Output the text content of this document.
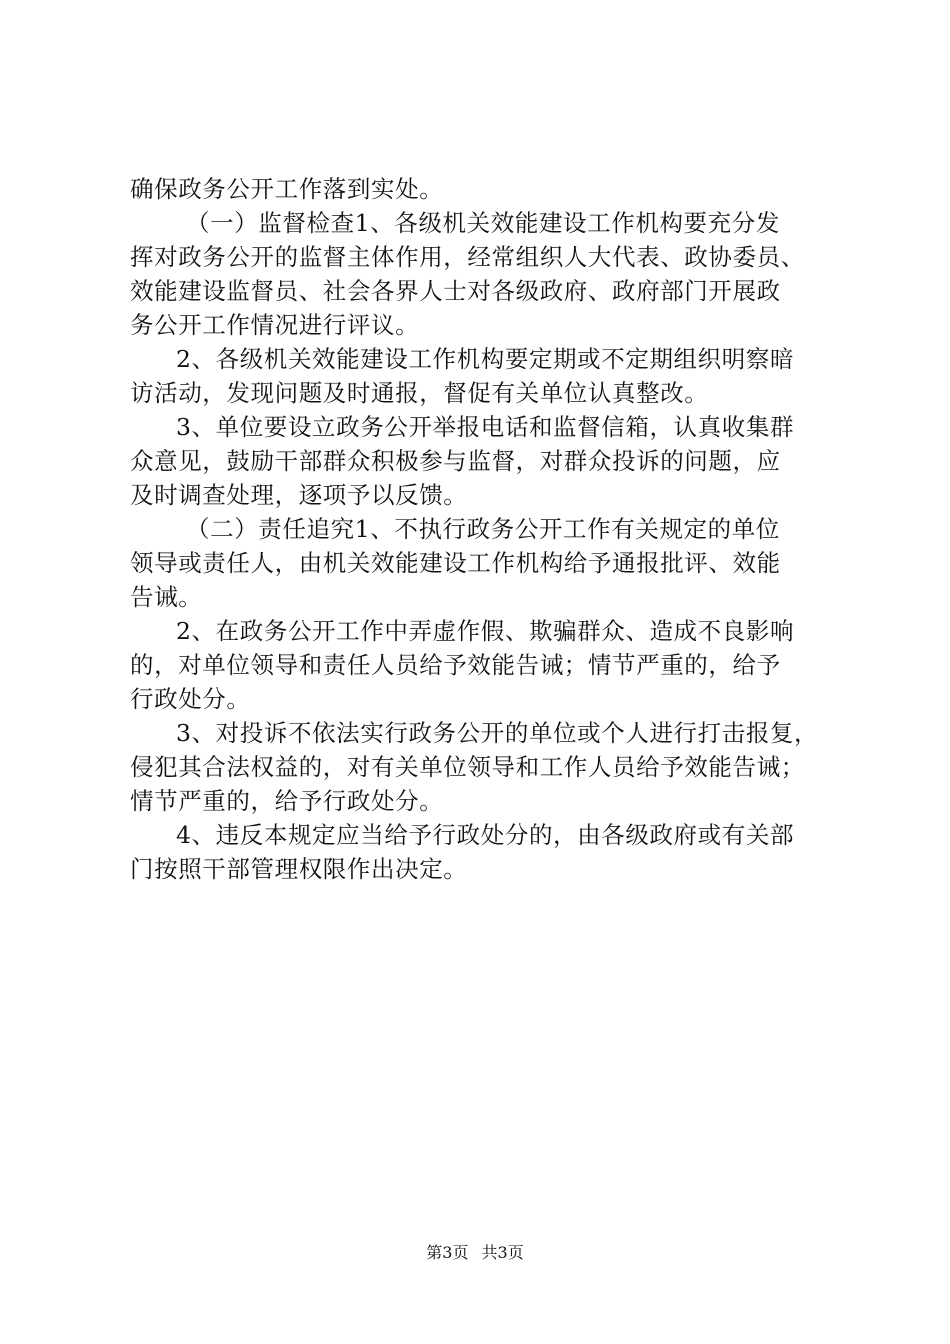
确保政务公开工作落到实处。
（一）监督检查1、各级机关效能建设工作机构要充分发
挥对政务公开的监督主体作用，经常组织人大代表、政协委员、
效能建设监督员、社会各界人士对各级政府、政府部门开展政
务公开工作情况进行评议。
2、各级机关效能建设工作机构要定期或不定期组织明察暗
访活动，发现问题及时通报，督促有关单位认真整改。
3、单位要设立政务公开举报电话和监督信箱，认真收集群
众意见，鼓励干部群众积极参与监督，对群众投诉的问题，应
及时调查处理，逐项予以反馈。
（二）责任追究1、不执行政务公开工作有关规定的单位
领导或责任人，由机关效能建设工作机构给予通报批评、效能
告诫。
2、在政务公开工作中弄虚作假、欺骗群众、造成不良影响
的，对单位领导和责任人员给予效能告诫；情节严重的，给予
行政处分。
3、对投诉不依法实行政务公开的单位或个人进行打击报复，
侵犯其合法权益的，对有关单位领导和工作人员给予效能告诫；
情节严重的，给予行政处分。
4、违反本规定应当给予行政处分的，由各级政府或有关部
门按照干部管理权限作出决定。
第3页 共3页
